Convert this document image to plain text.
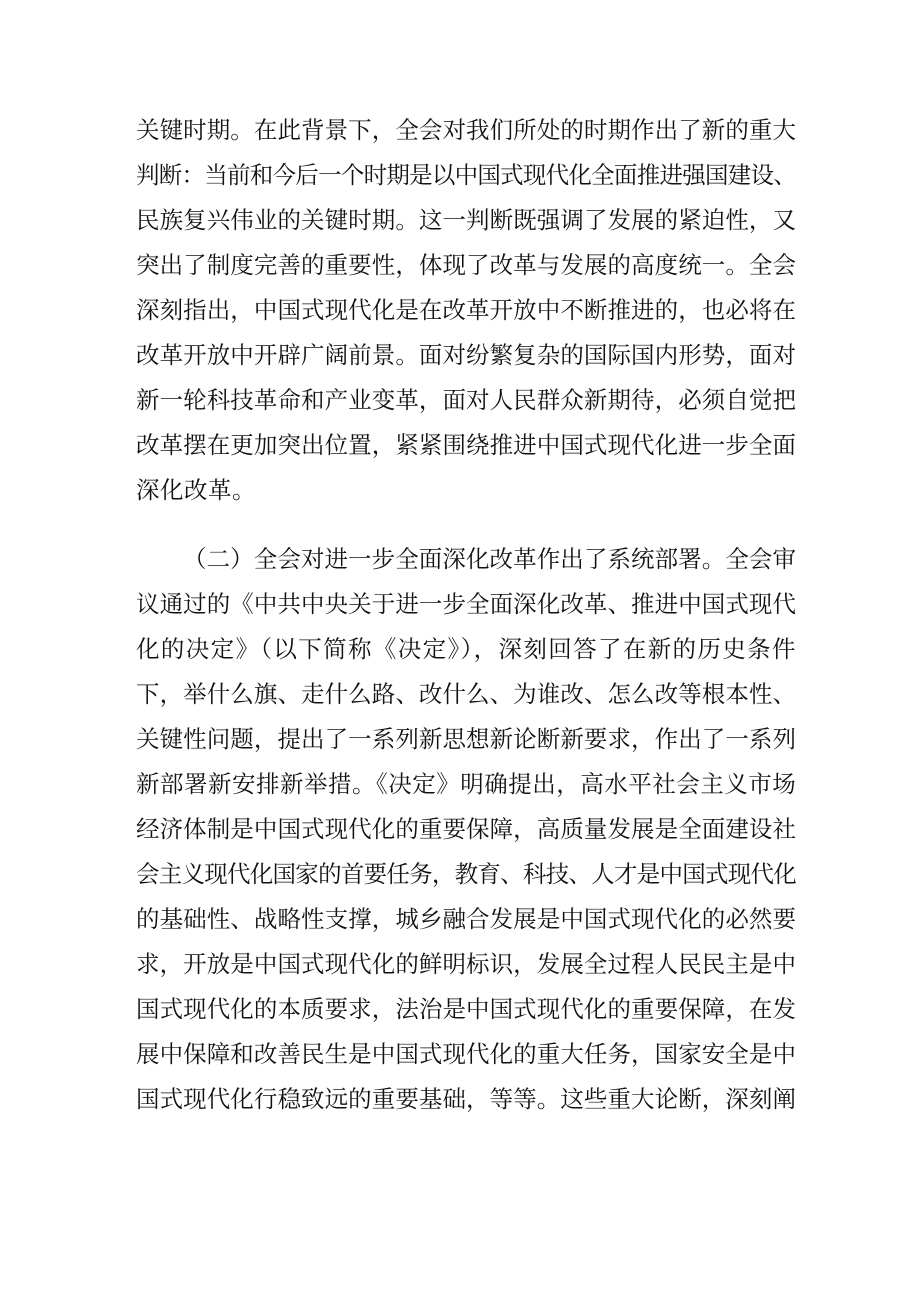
关键时期。在此背景下，全会对我们所处的时期作出了新的重大
判断：当前和今后一个时期是以中国式现代化全面推进强国建设、
民族复兴伟业的关键时期。这一判断既强调了发展的紧迫性，又
突出了制度完善的重要性，体现了改革与发展的高度统一。全会
深刻指出，中国式现代化是在改革开放中不断推进的，也必将在
改革开放中开辟广阔前景。面对纷繁复杂的国际国内形势，面对
新一轮科技革命和产业变革，面对人民群众新期待，必须自觉把
改革摆在更加突出位置，紧紧围绕推进中国式现代化进一步全面
深化改革。
（二）全会对进一步全面深化改革作出了系统部署。全会审
议通过的《中共中央关于进一步全面深化改革、推进中国式现代
化的决定》（以下简称《决定》），深刻回答了在新的历史条件
下，举什么旗、走什么路、改什么、为谁改、怎么改等根本性、
关键性问题，提出了一系列新思想新论断新要求，作出了一系列
新部署新安排新举措。《决定》明确提出，高水平社会主义市场
经济体制是中国式现代化的重要保障，高质量发展是全面建设社
会主义现代化国家的首要任务，教育、科技、人才是中国式现代化
的基础性、战略性支撑，城乡融合发展是中国式现代化的必然要
求，开放是中国式现代化的鲜明标识，发展全过程人民民主是中
国式现代化的本质要求，法治是中国式现代化的重要保障，在发
展中保障和改善民生是中国式现代化的重大任务，国家安全是中
国式现代化行稳致远的重要基础，等等。这些重大论断，深刻阐
